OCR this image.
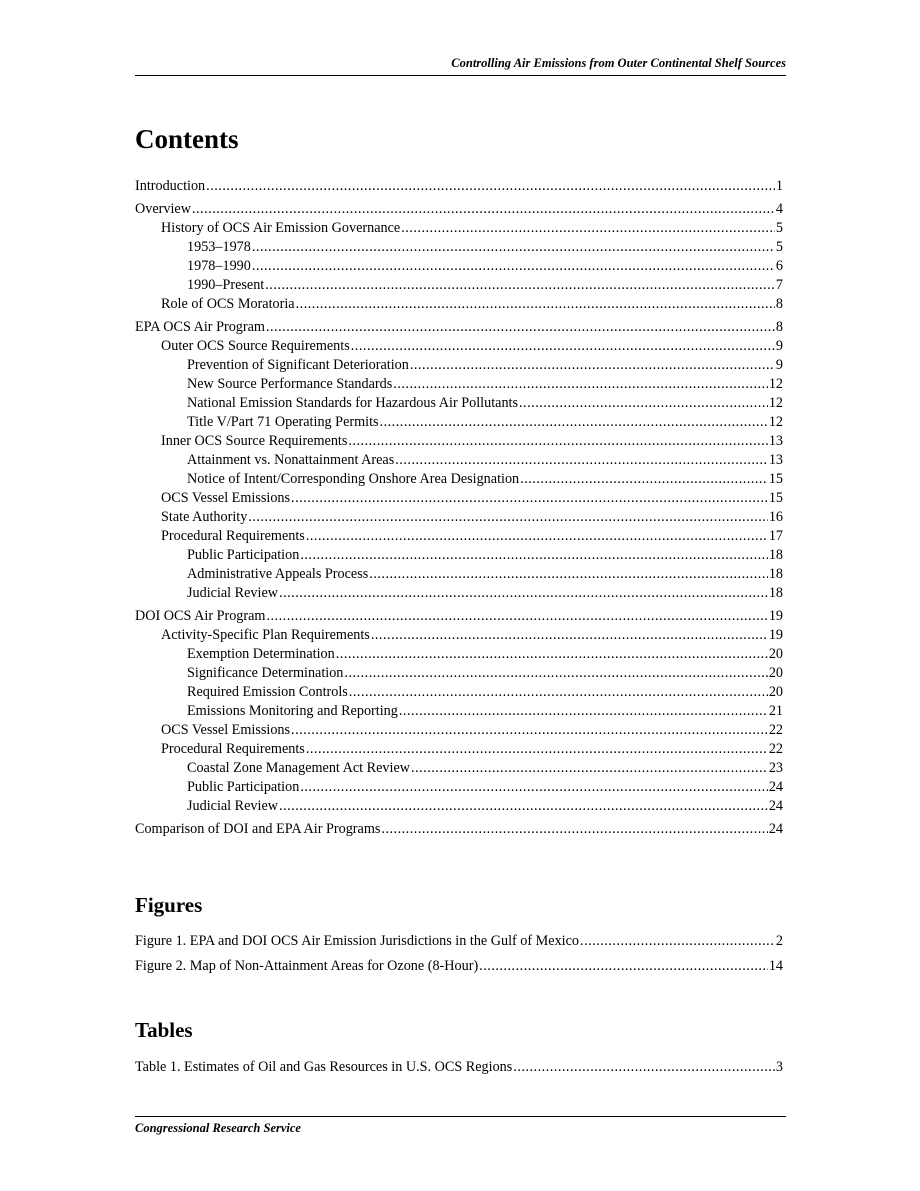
Controlling Air Emissions from Outer Continental Shelf Sources
Contents
Introduction .....	1
Overview .....	4
History of OCS Air Emission Governance .....	5
1953–1978 .....	5
1978–1990 .....	6
1990–Present .....	7
Role of OCS Moratoria .....	8
EPA OCS Air Program .....	8
Outer OCS Source Requirements .....	9
Prevention of Significant Deterioration .....	9
New Source Performance Standards .....	12
National Emission Standards for Hazardous Air Pollutants .....	12
Title V/Part 71 Operating Permits .....	12
Inner OCS Source Requirements .....	13
Attainment vs. Nonattainment Areas .....	13
Notice of Intent/Corresponding Onshore Area Designation .....	15
OCS Vessel Emissions .....	15
State Authority .....	16
Procedural Requirements .....	17
Public Participation .....	18
Administrative Appeals Process .....	18
Judicial Review .....	18
DOI OCS Air Program .....	19
Activity-Specific Plan Requirements .....	19
Exemption Determination .....	20
Significance Determination .....	20
Required Emission Controls .....	20
Emissions Monitoring and Reporting .....	21
OCS Vessel Emissions .....	22
Procedural Requirements .....	22
Coastal Zone Management Act Review .....	23
Public Participation .....	24
Judicial Review .....	24
Comparison of DOI and EPA Air Programs .....	24
Figures
Figure 1. EPA and DOI OCS Air Emission Jurisdictions in the Gulf of Mexico .....	2
Figure 2. Map of Non-Attainment Areas for Ozone (8-Hour) .....	14
Tables
Table 1. Estimates of Oil and Gas Resources in U.S. OCS Regions .....	3
Congressional Research Service
